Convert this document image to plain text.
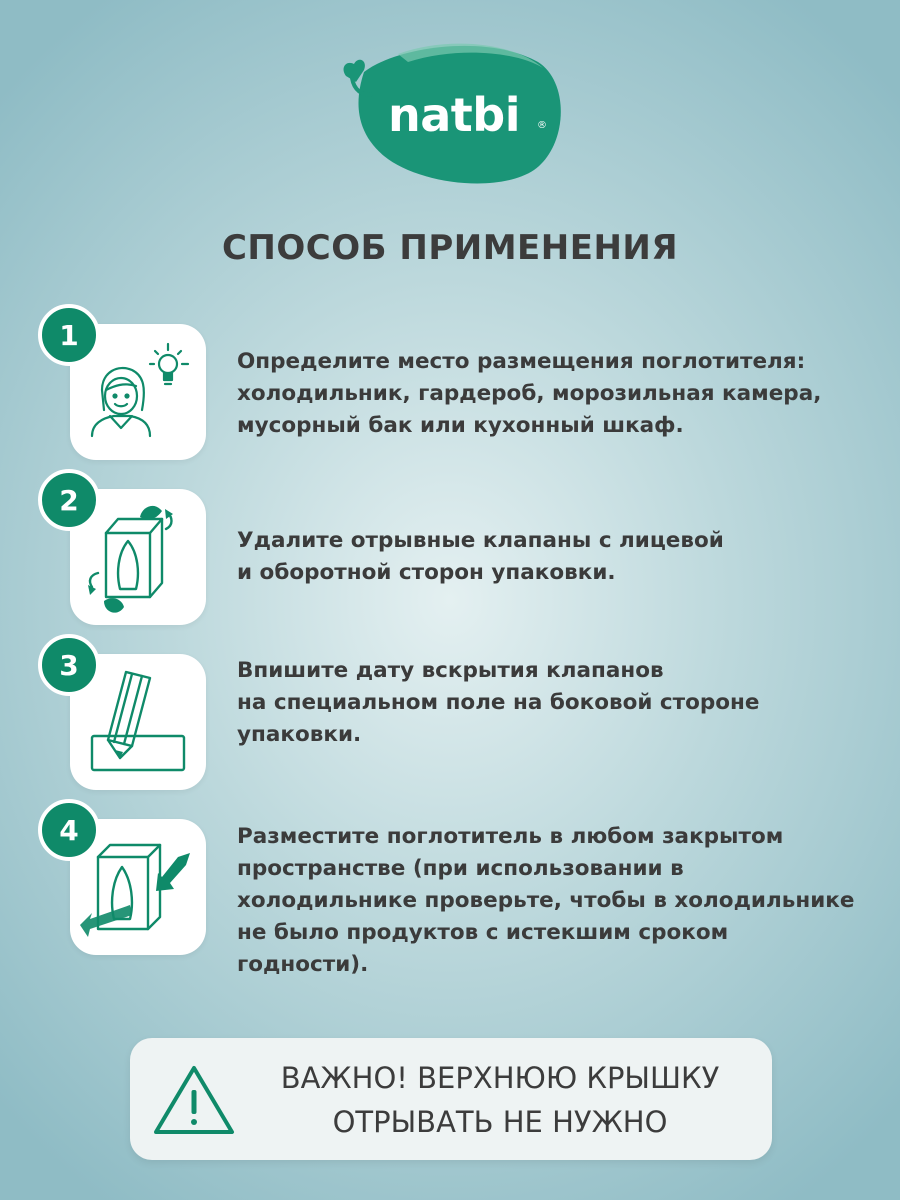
natbi ®
СПОСОБ ПРИМЕНЕНИЯ
1
Определите место размещения поглотителя:
холодильник, гардероб, морозильная камера,
мусорный бак или кухонный шкаф.
2
Удалите отрывные клапаны с лицевой
и оборотной сторон упаковки.
3	Впишите дату вскрытия клапанов
на специальном поле на боковой стороне
упаковки.
4	Разместите поглотитель в любом закрытом
пространстве (при использовании в
холодильнике проверьте, чтобы в холодильнике
не было продуктов с истекшим сроком годности).
ВАЖНО! ВЕРХНЮЮ КРЫШКУ
ОТРЫВАТЬ НЕ НУЖНО
